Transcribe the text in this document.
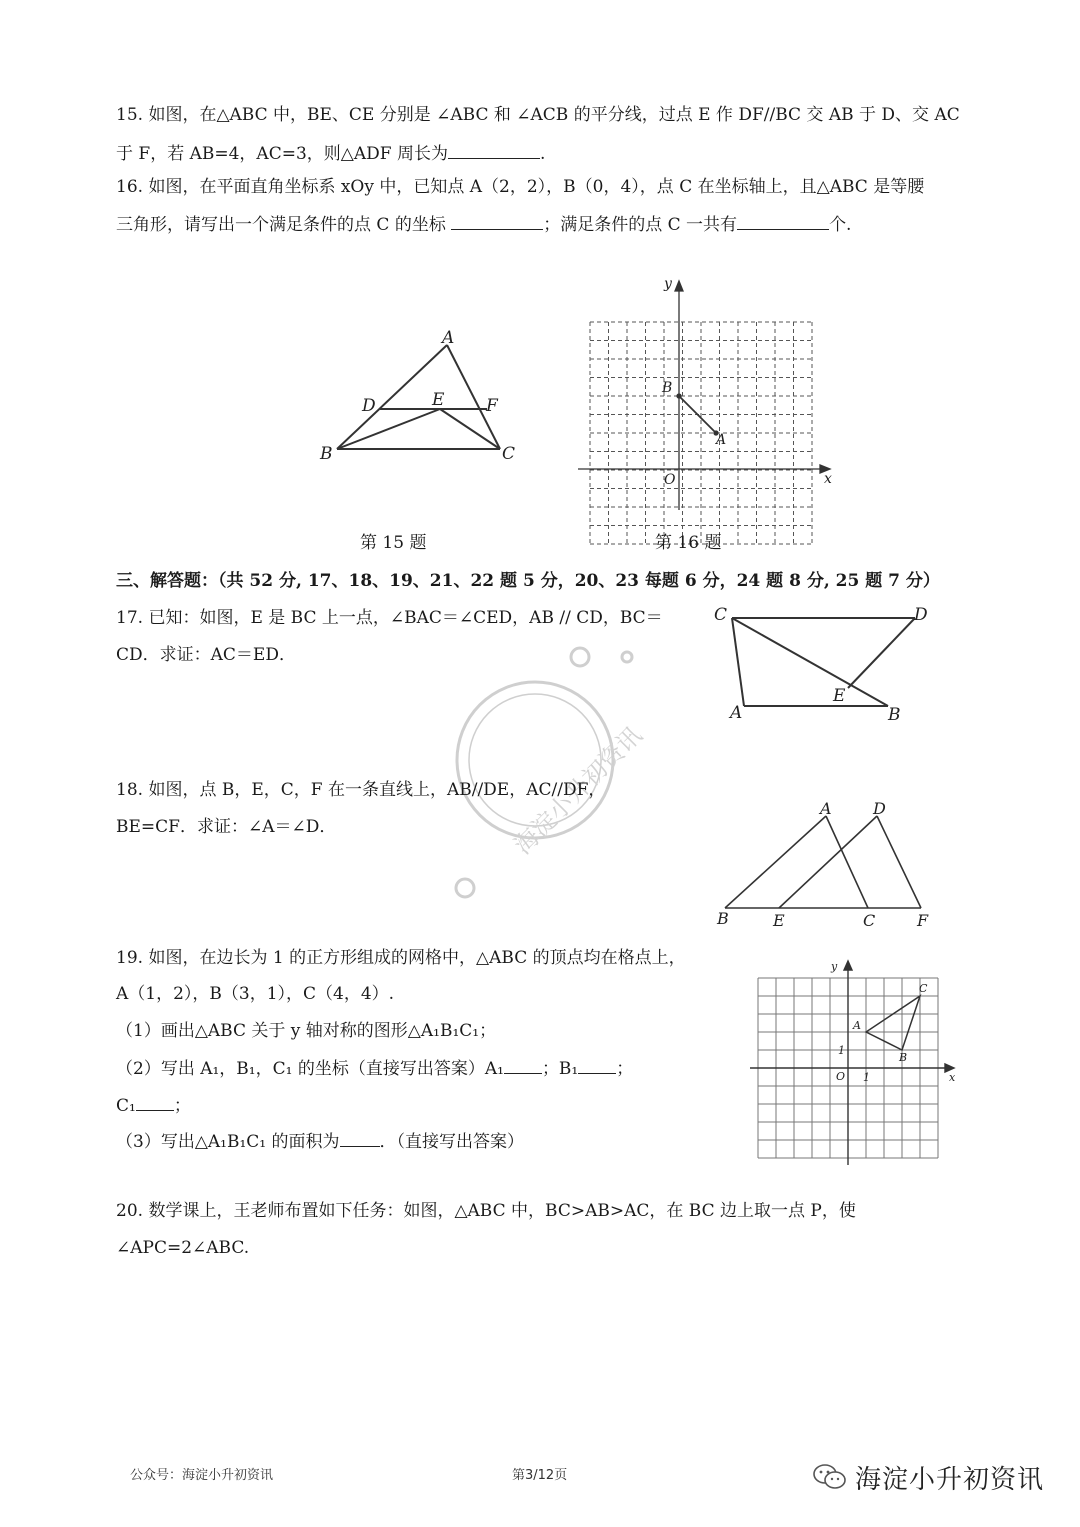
15. 如图，在△ABC 中，BE、CE 分别是 ∠ABC 和 ∠ACB 的平分线，过点 E 作 DF//BC 交 AB 于 D、交 AC
于 F，若 AB=4，AC=3，则△ADF 周长为	.
16. 如图，在平面直角坐标系 xOy 中，已知点 A（2，2），B（0，4），点 C 在坐标轴上，且△ABC 是等腰
三角形，请写出一个满足条件的点 C 的坐标	；满足条件的点 C 一共有	个.
A
B	C
D	E F
第 15 题
x
y
O
A
B
第 16 题
三、解答题：（共 52 分, 17、18、19、21、22 题 5 分，20、23 每题 6 分，24 题 8 分, 25 题 7 分）
17. 已知：如图，E 是 BC 上一点，∠BAC＝∠CED，AB // CD，BC＝
CD．求证：AC＝ED．
C	D
A	B
E
海淀小升初资讯
18. 如图，点 B，E，C，F 在一条直线上，AB//DE，AC//DF，
BE=CF．求证：∠A＝∠D．
A	D
B	E	C	F
19. 如图，在边长为 1 的正方形组成的网格中，△ABC 的顶点均在格点上，
A（1，2），B（3，1），C（4，4）.
（1）画出△ABC 关于 y 轴对称的图形△A₁B₁C₁；
（2）写出 A₁，B₁，C₁ 的坐标（直接写出答案）A₁ ；B₁ ；
C₁ ；
（3）写出△A₁B₁C₁ 的面积为 ．（直接写出答案）
x
y
O 1
1
A
B
C
20. 数学课上，王老师布置如下任务：如图，△ABC 中，BC>AB>AC，在 BC 边上取一点 P，使
∠APC=2∠ABC.
公众号：海淀小升初资讯	第3/12页	海淀小升初资讯
